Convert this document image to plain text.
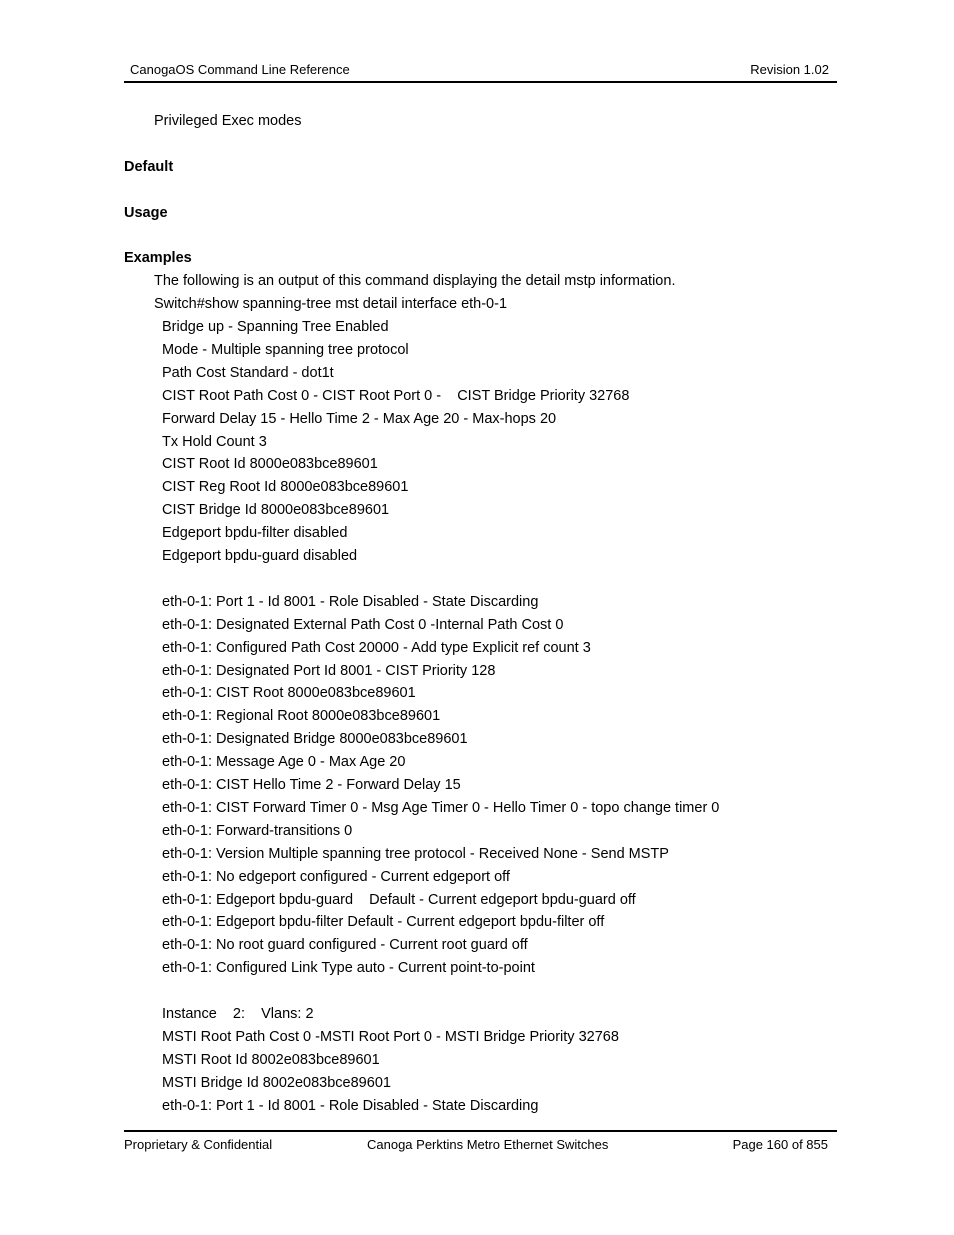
CanogaOS Command Line Reference	Revision 1.02
Privileged Exec modes
Default
Usage
Examples
The following is an output of this command displaying the detail mstp information.
Switch#show spanning-tree mst detail interface eth-0-1
Bridge up - Spanning Tree Enabled
Mode - Multiple spanning tree protocol
Path Cost Standard - dot1t
CIST Root Path Cost 0 - CIST Root Port 0 -    CIST Bridge Priority 32768
Forward Delay 15 - Hello Time 2 - Max Age 20 - Max-hops 20
Tx Hold Count 3
CIST Root Id 8000e083bce89601
CIST Reg Root Id 8000e083bce89601
CIST Bridge Id 8000e083bce89601
Edgeport bpdu-filter disabled
Edgeport bpdu-guard disabled
eth-0-1: Port 1 - Id 8001 - Role Disabled - State Discarding
eth-0-1: Designated External Path Cost 0 -Internal Path Cost 0
eth-0-1: Configured Path Cost 20000 - Add type Explicit ref count 3
eth-0-1: Designated Port Id 8001 - CIST Priority 128
eth-0-1: CIST Root 8000e083bce89601
eth-0-1: Regional Root 8000e083bce89601
eth-0-1: Designated Bridge 8000e083bce89601
eth-0-1: Message Age 0 - Max Age 20
eth-0-1: CIST Hello Time 2 - Forward Delay 15
eth-0-1: CIST Forward Timer 0 - Msg Age Timer 0 - Hello Timer 0 - topo change timer 0
eth-0-1: Forward-transitions 0
eth-0-1: Version Multiple spanning tree protocol - Received None - Send MSTP
eth-0-1: No edgeport configured - Current edgeport off
eth-0-1: Edgeport bpdu-guard    Default - Current edgeport bpdu-guard off
eth-0-1: Edgeport bpdu-filter Default - Current edgeport bpdu-filter off
eth-0-1: No root guard configured - Current root guard off
eth-0-1: Configured Link Type auto - Current point-to-point
Instance    2:    Vlans: 2
MSTI Root Path Cost 0 -MSTI Root Port 0 - MSTI Bridge Priority 32768
MSTI Root Id 8002e083bce89601
MSTI Bridge Id 8002e083bce89601
eth-0-1: Port 1 - Id 8001 - Role Disabled - State Discarding
Proprietary & Confidential	Canoga Perktins Metro Ethernet Switches	Page 160 of 855
